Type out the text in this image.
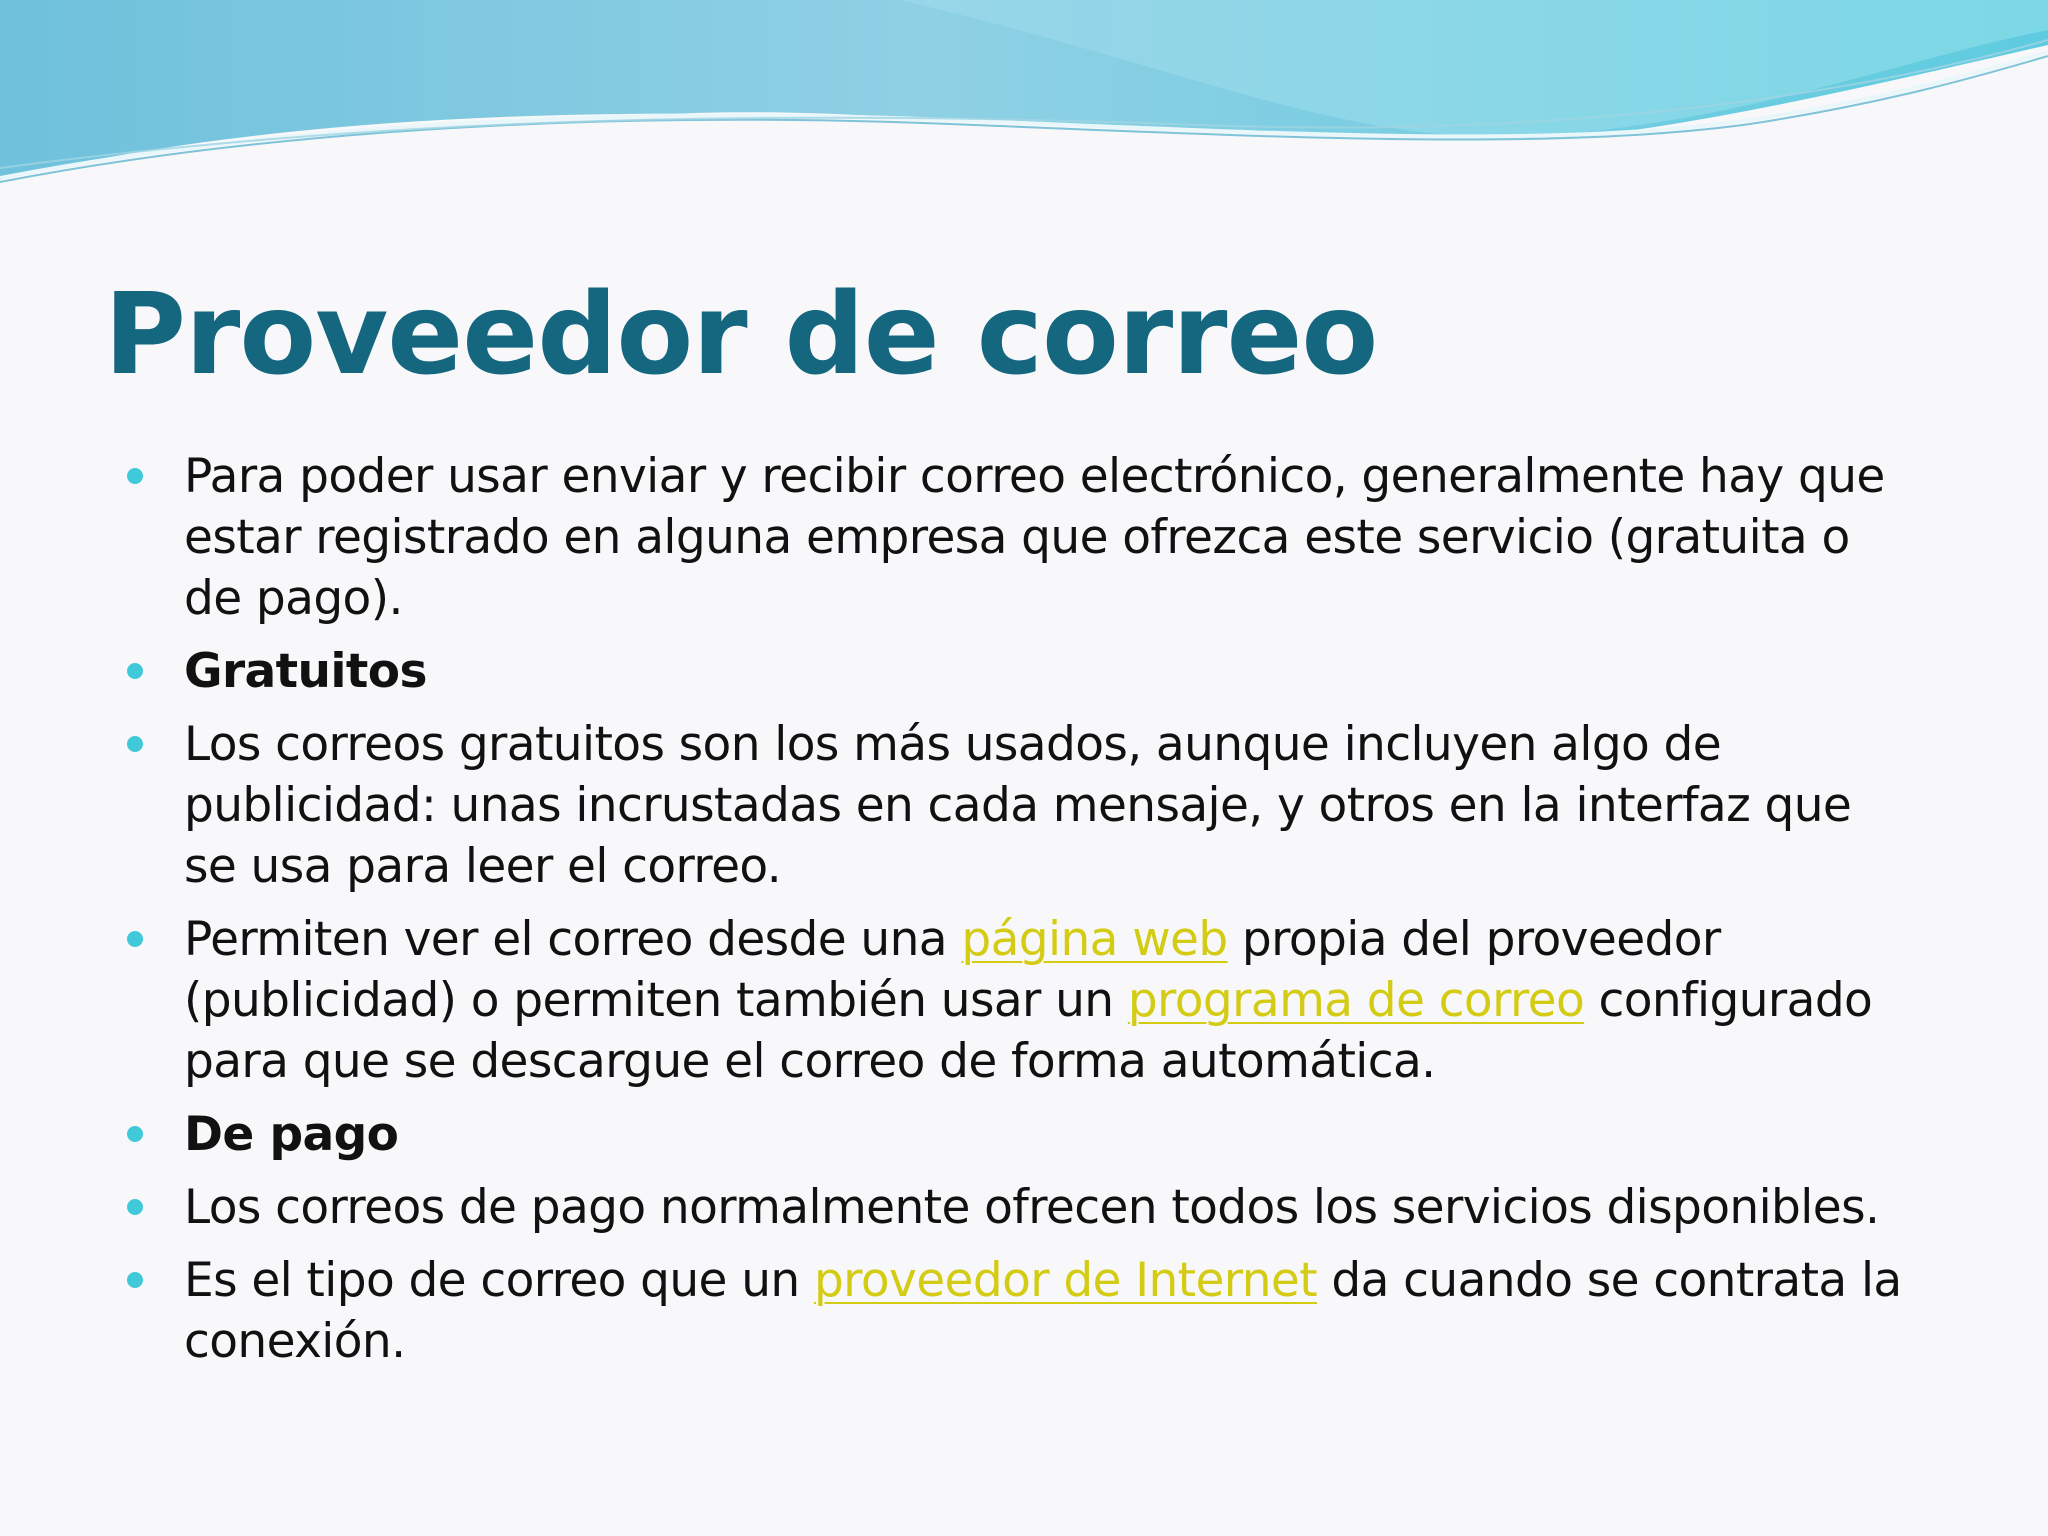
Proveedor de correo
Para poder usar enviar y recibir correo electrónico, generalmente hay que estar registrado en alguna empresa que ofrezca este servicio (gratuita o de pago).
Gratuitos
Los correos gratuitos son los más usados, aunque incluyen algo de publicidad: unas incrustadas en cada mensaje, y otros en la interfaz que se usa para leer el correo.
Permiten ver el correo desde una página web propia del proveedor (publicidad) o permiten también usar un programa de correo configurado para que se descargue el correo de forma automática.
De pago
Los correos de pago normalmente ofrecen todos los servicios disponibles.
Es el tipo de correo que un proveedor de Internet da cuando se contrata la conexión.
